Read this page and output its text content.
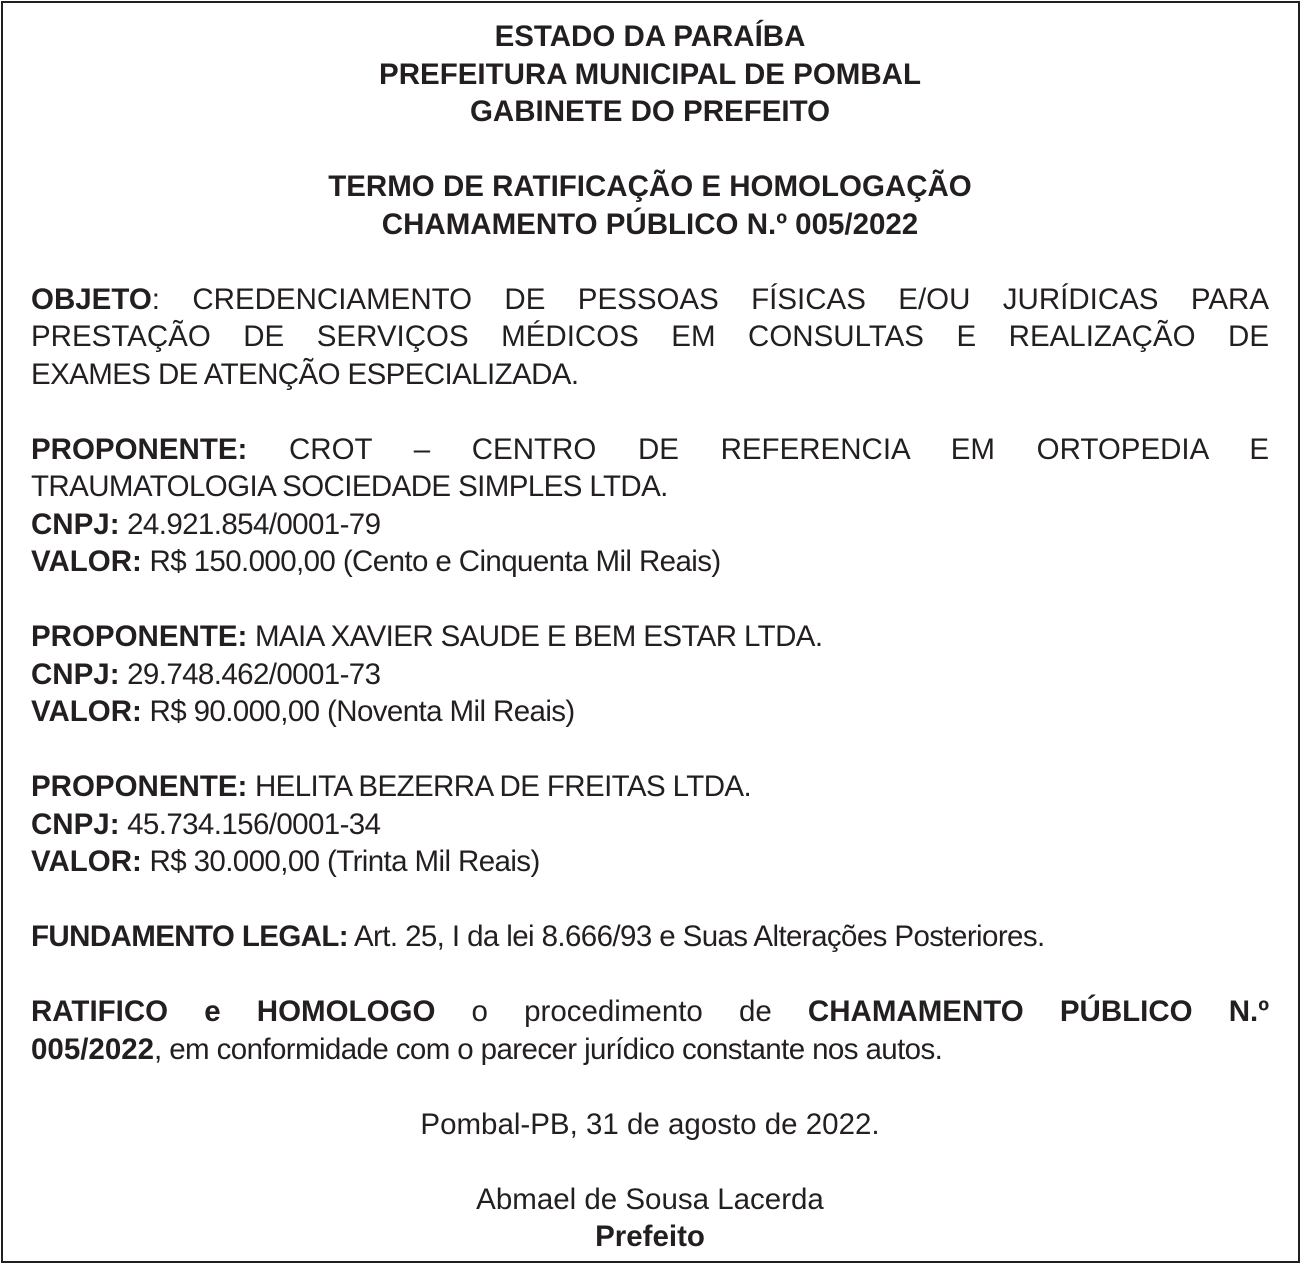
ESTADO DA PARAÍBA

PREFEITURA MUNICIPAL DE POMBAL

GABINETE DO PREFEITO

TERMO DE RATIFICAÇÃO E HOMOLOGAÇÃO

CHAMAMENTO PÚBLICO N.º 005/2022

OBJETO: CREDENCIAMENTO DE PESSOAS FÍSICAS E/OU JURÍDICAS PARA

PRESTAÇÃO DE SERVIÇOS MÉDICOS EM CONSULTAS E REALIZAÇÃO DE

EXAMES DE ATENÇÃO ESPECIALIZADA.

PROPONENTE: CROT – CENTRO DE REFERENCIA EM ORTOPEDIA E

TRAUMATOLOGIA SOCIEDADE SIMPLES LTDA.

CNPJ: 24.921.854/0001-79

VALOR: R$ 150.000,00 (Cento e Cinquenta Mil Reais)

PROPONENTE: MAIA XAVIER SAUDE E BEM ESTAR LTDA.

CNPJ: 29.748.462/0001-73

VALOR: R$ 90.000,00 (Noventa Mil Reais)

PROPONENTE: HELITA BEZERRA DE FREITAS LTDA.

CNPJ: 45.734.156/0001-34

VALOR: R$ 30.000,00 (Trinta Mil Reais)

FUNDAMENTO LEGAL: Art. 25, I da lei 8.666/93 e Suas Alterações Posteriores.

RATIFICO e HOMOLOGO o procedimento de CHAMAMENTO PÚBLICO N.º

005/2022, em conformidade com o parecer jurídico constante nos autos.

Pombal-PB, 31 de agosto de 2022.

Abmael de Sousa Lacerda

Prefeito
